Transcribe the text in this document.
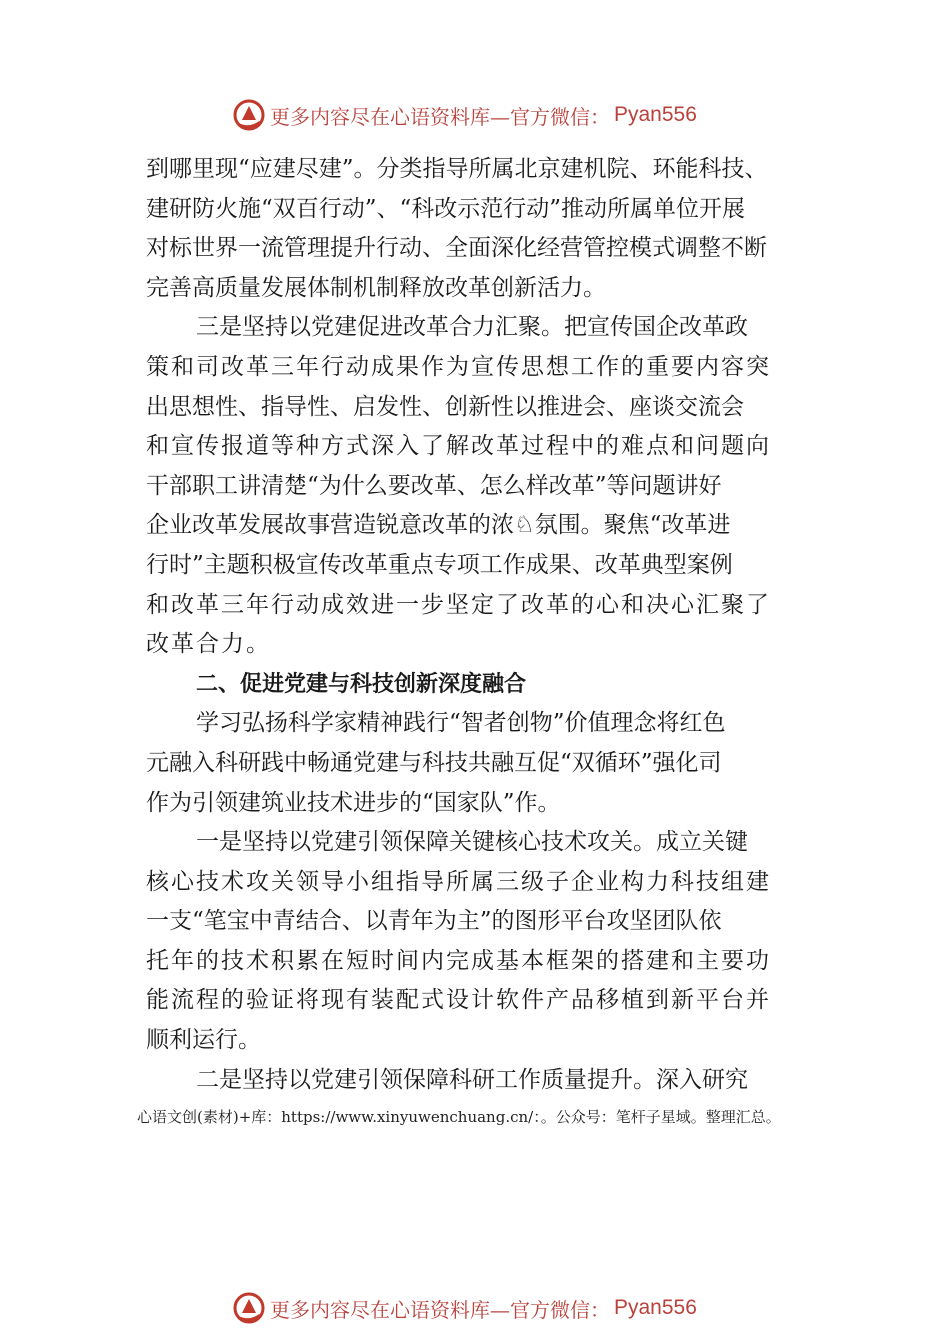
更多内容尽在心语资料库—官方微信： Pyan556
到哪里现“应建尽建”。分类指导所属北京建机院、环能科技、
建研防火施“双百行动”、“科改示范行动”推动所属单位开展
对标世界一流管理提升行动、全面深化经营管控模式调整不断
完善高质量发展体制机制释放改革创新活力。
三是坚持以党建促进改革合力汇聚。把宣传国企改革政
策和司改革三年行动成果作为宣传思想工作的重要内容突
出思想性、指导性、启发性、创新性以推进会、座谈交流会
和宣传报道等种方式深入了解改革过程中的难点和问题向
干部职工讲清楚“为什么要改革、怎么样改革”等问题讲好
企业改革发展故事营造锐意改革的浓♘氛围。聚焦“改革进
行时”主题积极宣传改革重点专项工作成果、改革典型案例
和改革三年行动成效进一步坚定了改革的心和决心汇聚了
改革合力。
二、促进党建与科技创新深度融合
学习弘扬科学家精神践行“智者创物”价值理念将红色
元融入科研践中畅通党建与科技共融互促“双循环”强化司
作为引领建筑业技术进步的“国家队”作。
一是坚持以党建引领保障关键核心技术攻关。成立关键
核心技术攻关领导小组指导所属三级子企业构力科技组建
一支“笔宝中青结合、以青年为主”的图形平台攻坚团队依
托年的技术积累在短时间内完成基本框架的搭建和主要功
能流程的验证将现有装配式设计软件产品移植到新平台并
顺利运行。
二是坚持以党建引领保障科研工作质量提升。深入研究
心语文创(素材)+库：https://www.xinyuwenchuang.cn/：。公众号：笔杆子星域。整理汇总。
更多内容尽在心语资料库—官方微信： Pyan556
